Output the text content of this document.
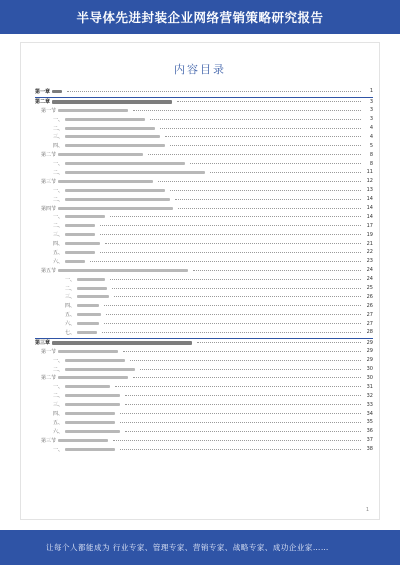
半导体先进封装企业网络营销策略研究报告
内容目录
第一章	1
第二章	3
第一节	3
一、	3
二、	4
三、	4
四、	5
第二节	8
一、	8
二、	11
第三节	12
一、	13
二、	14
第四节	14
一、	14
二、	17
三、	19
四、	21
五、	22
六、	23
第五节	24
一、	24
二、	25
三、	26
四、	26
五、	27
六、	27
七、	28
第三章	29
第一节	29
一、	29
二、	30
第二节	30
一、	31
二、	32
三、	33
四、	34
五、	35
六、	36
第三节	37
一、	38
1
让每个人都能成为 行业专家、管理专家、营销专家、战略专家、成功企业家……
